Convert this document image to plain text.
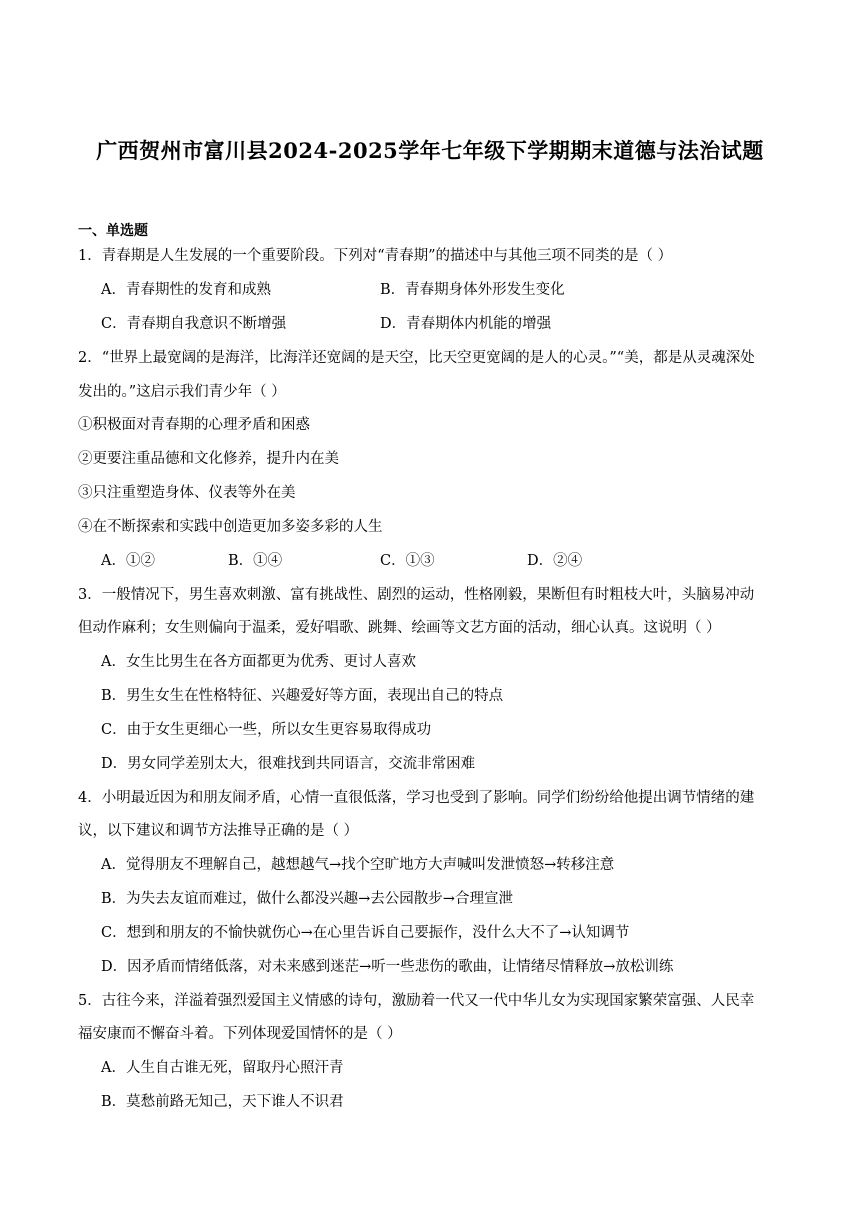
广西贺州市富川县2024-2025学年七年级下学期期末道德与法治试题
一、单选题
1．青春期是人生发展的一个重要阶段。下列对“青春期”的描述中与其他三项不同类的是（ ）
A．青春期性的发育和成熟	B．青春期身体外形发生变化
C．青春期自我意识不断增强	D．青春期体内机能的增强
2．“世界上最宽阔的是海洋，比海洋还宽阔的是天空，比天空更宽阔的是人的心灵。”“美，都是从灵魂深处
发出的。”这启示我们青少年（ ）
①积极面对青春期的心理矛盾和困惑
②更要注重品德和文化修养，提升内在美
③只注重塑造身体、仪表等外在美
④在不断探索和实践中创造更加多姿多彩的人生
A．①②	B．①④	C．①③	D．②④
3．一般情况下，男生喜欢刺激、富有挑战性、剧烈的运动，性格刚毅，果断但有时粗枝大叶，头脑易冲动
但动作麻利；女生则偏向于温柔，爱好唱歌、跳舞、绘画等文艺方面的活动，细心认真。这说明（ ）
A．女生比男生在各方面都更为优秀、更讨人喜欢
B．男生女生在性格特征、兴趣爱好等方面，表现出自己的特点
C．由于女生更细心一些，所以女生更容易取得成功
D．男女同学差别太大，很难找到共同语言，交流非常困难
4．小明最近因为和朋友闹矛盾，心情一直很低落，学习也受到了影响。同学们纷纷给他提出调节情绪的建
议，以下建议和调节方法推导正确的是（ ）
A．觉得朋友不理解自己，越想越气→找个空旷地方大声喊叫发泄愤怒→转移注意
B．为失去友谊而难过，做什么都没兴趣→去公园散步→合理宣泄
C．想到和朋友的不愉快就伤心→在心里告诉自己要振作，没什么大不了→认知调节
D．因矛盾而情绪低落，对未来感到迷茫→听一些悲伤的歌曲，让情绪尽情释放→放松训练
5．古往今来，洋溢着强烈爱国主义情感的诗句，激励着一代又一代中华儿女为实现国家繁荣富强、人民幸
福安康而不懈奋斗着。下列体现爱国情怀的是（ ）
A．人生自古谁无死，留取丹心照汗青
B．莫愁前路无知己，天下谁人不识君
